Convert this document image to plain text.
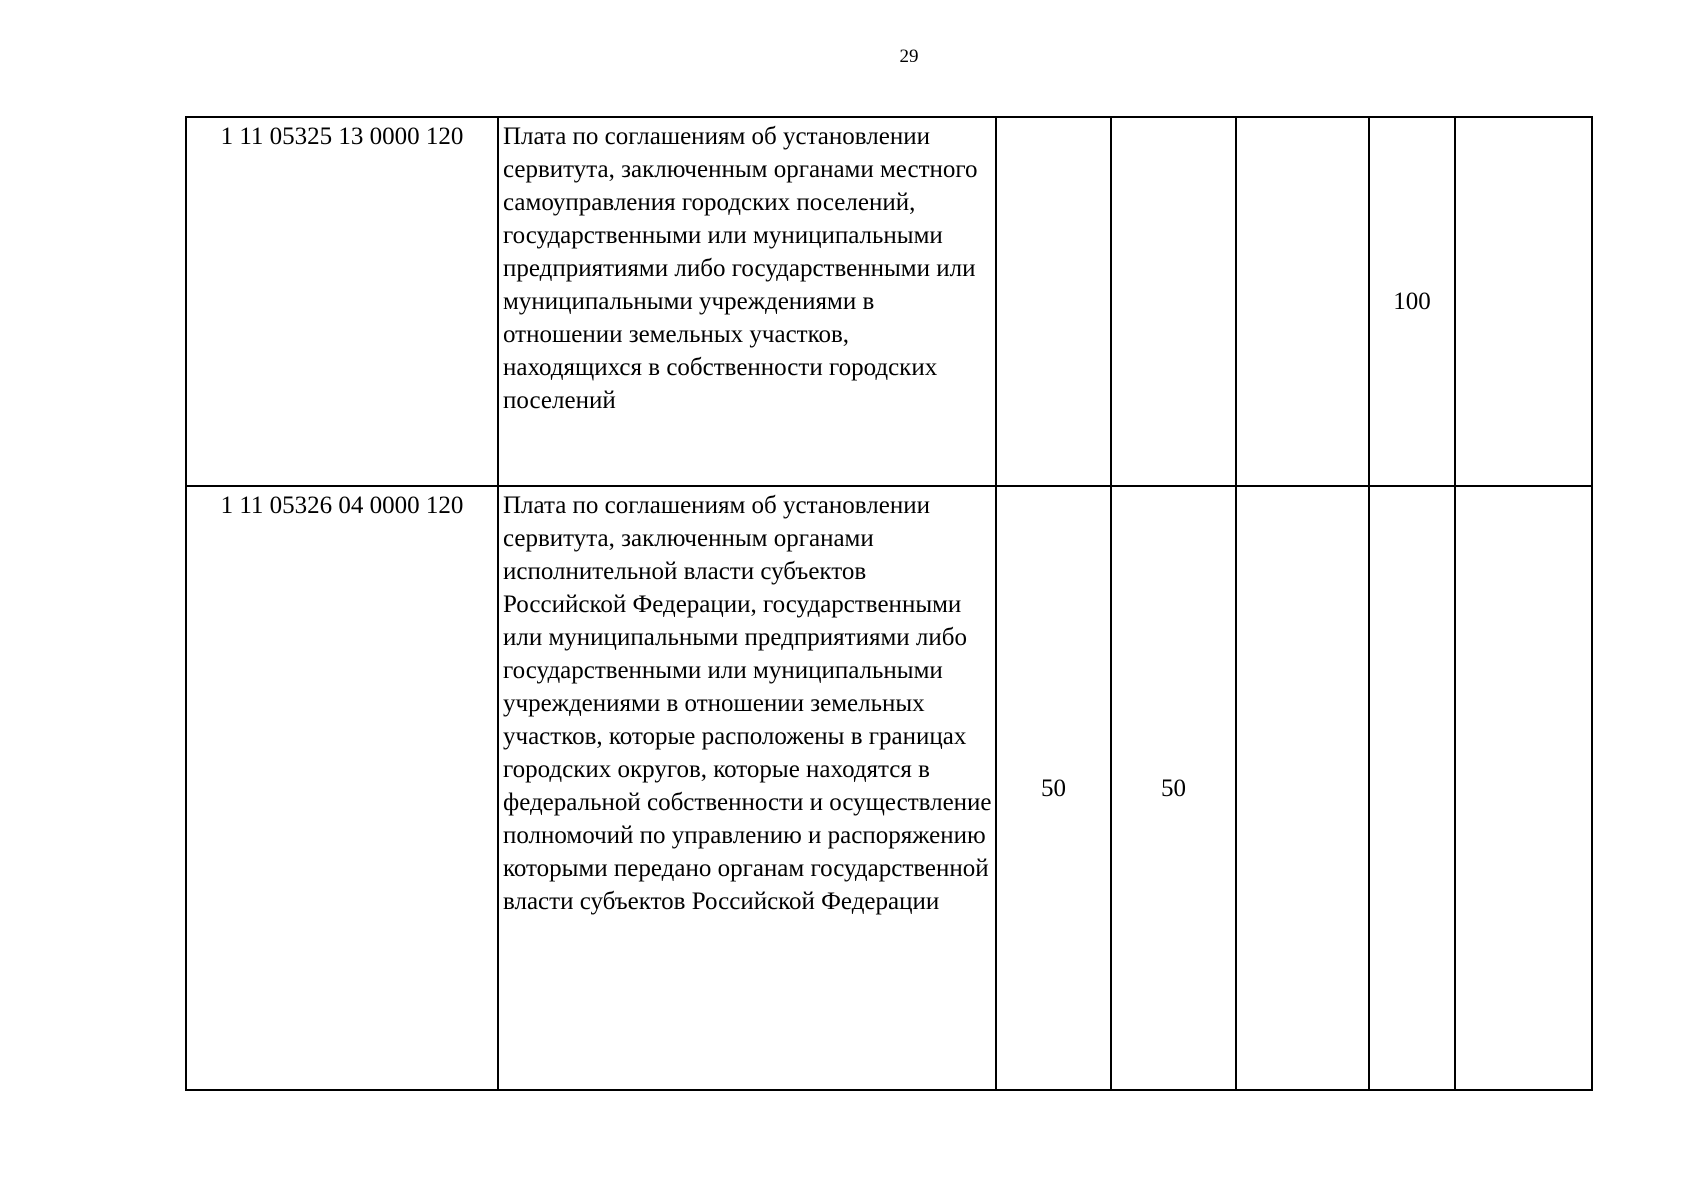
29
1 11 05325 13 0000 120	Плата по соглашениям об установлении сервитута, заключенным органами местного самоуправления городских поселений, государственными или муниципальными предприятиями либо государственными или муниципальными учреждениями в отношении земельных участков, находящихся в собственности городских поселений				100	
1 11 05326 04 0000 120	Плата по соглашениям об установлении сервитута, заключенным органами исполнительной власти субъектов Российской Федерации, государственными или муниципальными предприятиями либо государственными или муниципальными учреждениями в отношении земельных участков, которые расположены в границах городских округов, которые находятся в федеральной собственности и осуществление полномочий по управлению и распоряжению которыми передано органам государственной власти субъектов Российской Федерации	50	50			
